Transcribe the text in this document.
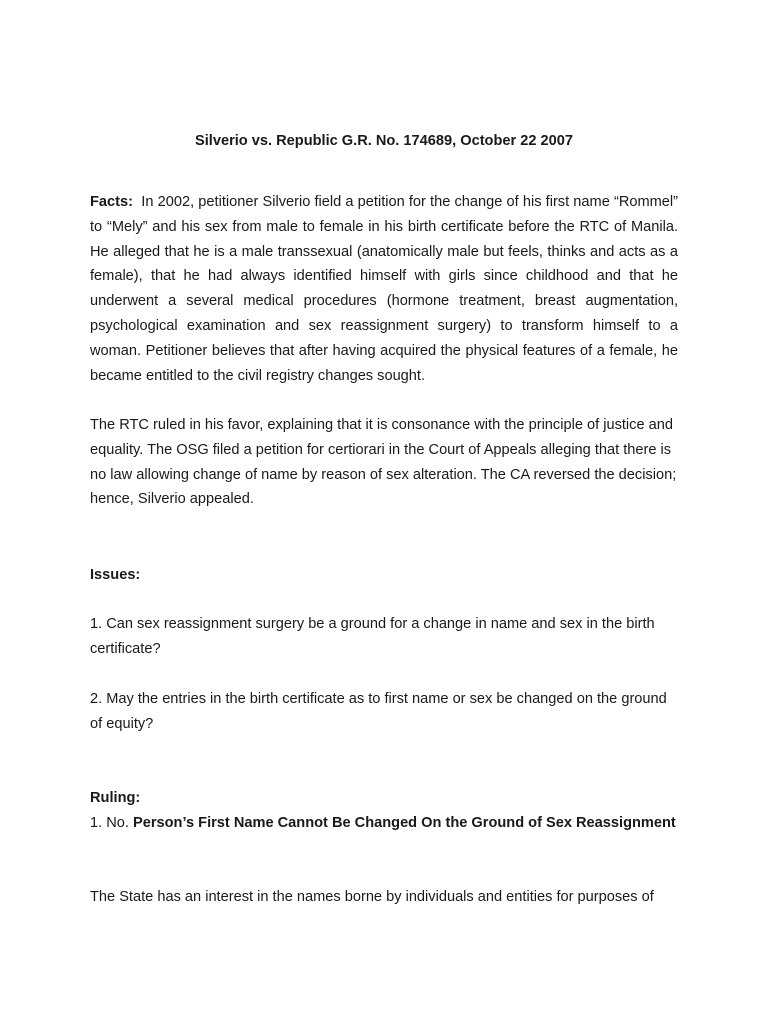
Silverio vs. Republic G.R. No. 174689, October 22 2007

Facts: In 2002, petitioner Silverio field a petition for the change of his first name “Rommel” to “Mely” and his sex from male to female in his birth certificate before the RTC of Manila. He alleged that he is a male transsexual (anatomically male but feels, thinks and acts as a female), that he had always identified himself with girls since childhood and that he underwent a several medical procedures (hormone treatment, breast augmentation, psychological examination and sex reassignment surgery) to transform himself to a woman. Petitioner believes that after having acquired the physical features of a female, he became entitled to the civil registry changes sought.

The RTC ruled in his favor, explaining that it is consonance with the principle of justice and equality. The OSG filed a petition for certiorari in the Court of Appeals alleging that there is no law allowing change of name by reason of sex alteration. The CA reversed the decision; hence, Silverio appealed.

Issues:

1. Can sex reassignment surgery be a ground for a change in name and sex in the birth certificate?

2. May the entries in the birth certificate as to first name or sex be changed on the ground of equity?

Ruling:

1. No. Person’s First Name Cannot Be Changed On the Ground of Sex Reassignment

The State has an interest in the names borne by individuals and entities for purposes of
